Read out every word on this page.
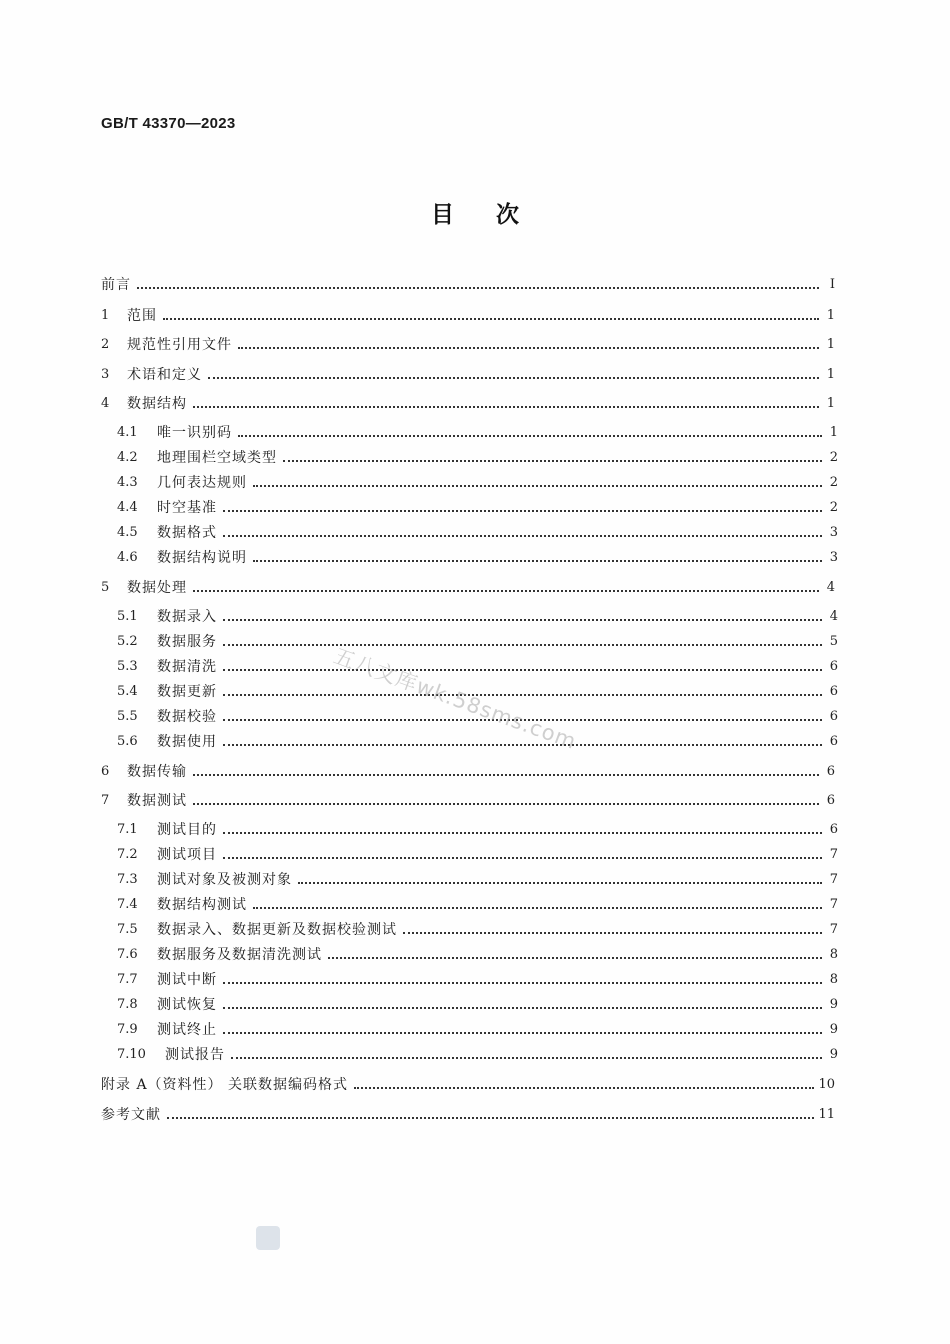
GB/T 43370—2023
目次
前言	I
1	范围	1
2	规范性引用文件	1
3	术语和定义	1
4	数据结构	1
4.1	唯一识别码	1
4.2	地理围栏空域类型	2
4.3	几何表达规则	2
4.4	时空基准	2
4.5	数据格式	3
4.6	数据结构说明	3
5	数据处理	4
5.1	数据录入	4
5.2	数据服务	5
5.3	数据清洗	6
5.4	数据更新	6
5.5	数据校验	6
5.6	数据使用	6
6	数据传输	6
7	数据测试	6
7.1	测试目的	6
7.2	测试项目	7
7.3	测试对象及被测对象	7
7.4	数据结构测试	7
7.5	数据录入、数据更新及数据校验测试	7
7.6	数据服务及数据清洗测试	8
7.7	测试中断	8
7.8	测试恢复	9
7.9	测试终止	9
7.10	测试报告	9
附录 A（资料性） 关联数据编码格式	10
参考文献	11
五八文库wk.58sms.com
